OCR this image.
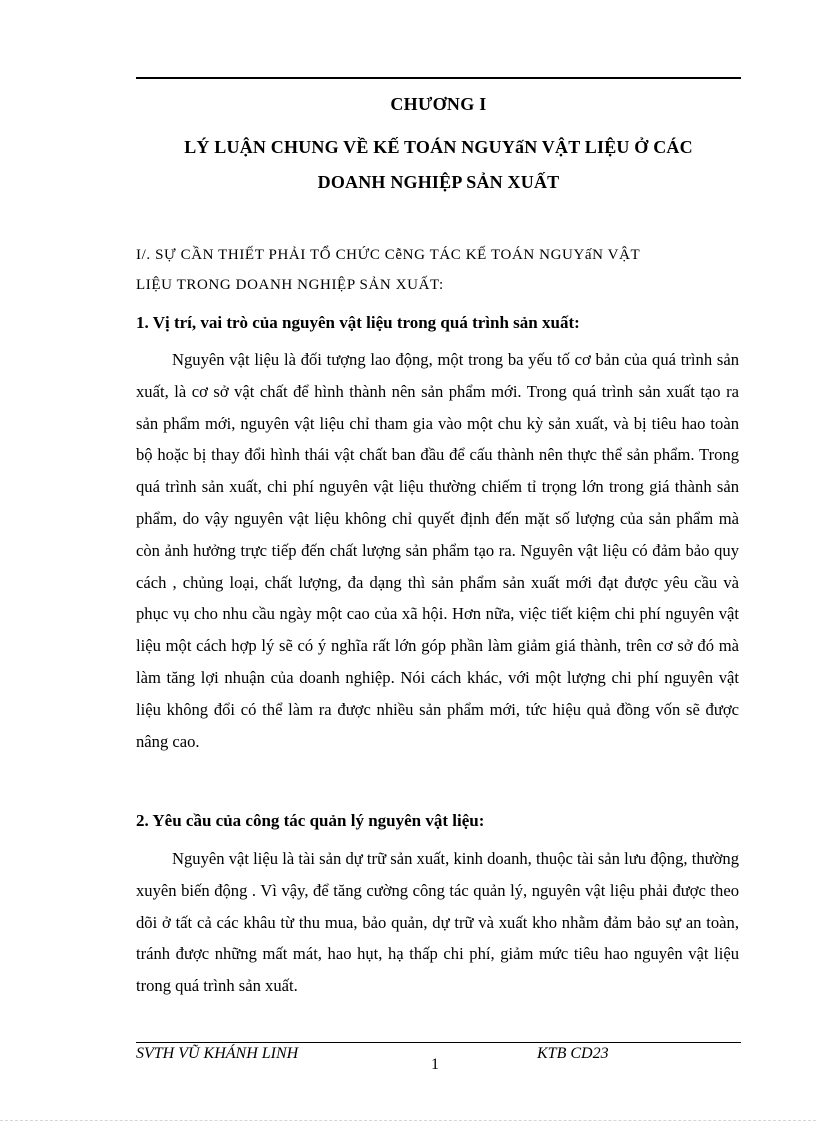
CHƯƠNG I
LÝ LUẬN CHUNG VỀ KẾ TOÁN NGUYấN VẬT LIỆU Ở CÁC
DOANH NGHIỆP SẢN XUẤT
I/. SỰ CẦN THIẾT PHẢI TỔ CHỨC CễNG TÁC KẾ TOÁN NGUYấN VẬT
LIỆU TRONG DOANH NGHIỆP SẢN XUẤT:
1. Vị trí, vai trò của nguyên vật liệu trong quá trình sản xuất:

Nguyên vật liệu là đối tượng lao động, một trong ba yếu tố cơ bản của quá trình sản xuất, là cơ sở vật chất để hình thành nên sản phẩm mới. Trong quá trình sản xuất tạo ra sản phẩm mới, nguyên vật liệu chỉ tham gia vào một chu kỳ sản xuất, và bị tiêu hao toàn bộ hoặc bị thay đổi hình thái vật chất ban đầu để cấu thành nên thực thể sản phẩm. Trong quá trình sản xuất, chi phí nguyên vật liệu thường chiếm tỉ trọng lớn trong giá thành sản phẩm, do vậy nguyên vật liệu không chỉ quyết định đến mặt số lượng của sản phẩm mà còn ảnh hưởng trực tiếp đến chất lượng sản phẩm tạo ra. Nguyên vật liệu có đảm bảo quy cách , chủng loại, chất lượng, đa dạng thì sản phẩm sản xuất mới đạt được yêu cầu và phục vụ cho nhu cầu ngày một cao của xã hội. Hơn nữa, việc tiết kiệm chi phí nguyên vật liệu một cách hợp lý sẽ có ý nghĩa rất lớn góp phần làm giảm giá thành, trên cơ sở đó mà làm tăng lợi nhuận của doanh nghiệp. Nói cách khác, với một lượng chi phí nguyên vật liệu không đổi có thể làm ra được nhiều sản phẩm mới, tức hiệu quả đồng vốn sẽ được nâng cao.

2. Yêu cầu của công tác quản lý nguyên vật liệu:

Nguyên vật liệu là tài sản dự trữ sản xuất, kinh doanh, thuộc tài sản lưu động, thường xuyên biến động . Vì vậy, để tăng cường công tác quản lý, nguyên vật liệu phải được theo dõi ở tất cả các khâu từ thu mua, bảo quản, dự trữ và xuất kho nhằm đảm bảo sự an toàn, tránh được những mất mát, hao hụt, hạ thấp chi phí, giảm mức tiêu hao nguyên vật liệu trong quá trình sản xuất.

SVTH VŨ KHÁNH LINH
1
KTB CD23
